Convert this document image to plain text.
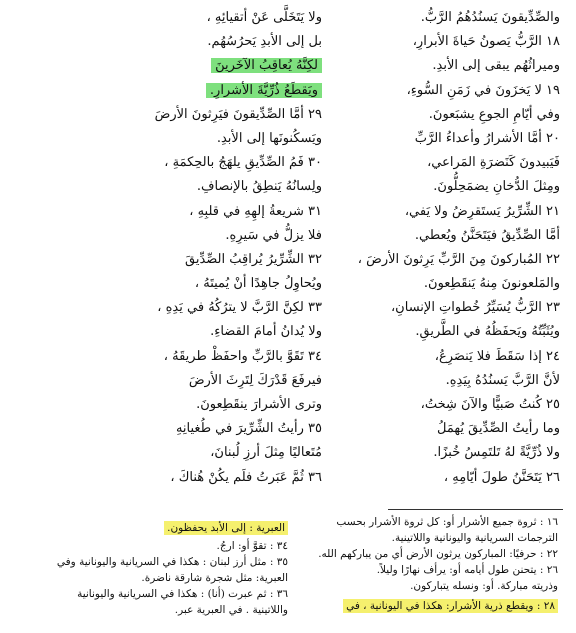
والصِّدِّيقونَ يَسنُدُهُمُ الرَّبُّ.
١٨ الرَّبُّ يَصونُ حَياةَ الأبرارِ،
وميراثُهُم يبقى إلى الأبدِ.
١٩ لا يَخزَونَ في زَمَنِ السُّوءِ،
وفي أيّامِ الجوعِ يشبَعونَ.
٢٠ أمَّا الأشرارُ وأعداءُ الرَّبِّ
فَيَبيدونَ كَنَضرَةِ المَراعي،
ومِثلَ الدُّخانِ يضمَحِلُّونَ.
٢١ الشِّرِّيرُ يَستَقرِضُ ولا يَفي،
أمَّا الصِّدِّيقُ فيَتَحَنَّنُ ويُعطي.
٢٢ المُباركونَ مِنَ الرَّبِّ يَرِثونَ الأرضَ ،
والمَلعونونَ مِنهُ يَنقَطِعونَ.
٢٣ الرَّبُّ يُسَيِّرُ خُطواتِ الإنسانِ،
ويُثَبِّتُهُ ويَحفَظُهُ في الطَّريقِ.
٢٤ إذا سَقَطَ فلا يَنصَرِعُ،
لأنَّ الرَّبَّ يَسنُدُهُ بِيَدِهِ.
٢٥ كُنتُ صَبيًّا والآنَ شِختُ،
وما رأيتُ الصِّدِّيقَ يُهمَلُ
ولا ذُرِّيَّةً لهُ تَلتَمِسُ خُبزًا.
٢٦ يَتَحَنَّنُ طولَ أيّامِهِ ،
ولا يَتَخَلَّى عَنْ أتقيائِهِ ،
بل إلى الأبدِ يَحرُسُهُم.
لكِنَّهُ يُعاقِبُ الآخَرينَ
ويَقطَعُ ذُرِّيَّةَ الأشرارِ.
٢٩ أمَّا الصِّدِّيقونَ فيَرِثونَ الأرضَ
ويَسكُنونَها إلى الأبدِ.
٣٠ فَمُ الصِّدِّيقِ يلهَجُ بالحِكمَةِ ،
ولِسانُهُ يَنطِقُ بالإنصافِ.
٣١ شريعةُ إلهِهِ في قلبِهِ ،
فلا يزلُّ في سَيرِهِ.
٣٢ الشِّرِّيرُ يُراقِبُ الصِّدِّيقَ
ويُحاوِلُ جاهِدًا أنْ يُميتَهُ ،
٣٣ لكِنَّ الرَّبَّ لا يترُكُهُ في يَدِهِ ،
ولا يُدانُ أمامَ القضاءِ.
٣٤ تَقَوَّ بالرَّبِّ واحفَظْ طريقَهُ ،
فيرفَعَ قَدْرَكَ لِتَرِثَ الأرضَ
وترى الأشرارَ ينقَطِعونَ.
٣٥ رأيتُ الشِّرِّيرَ في طُغيانِهِ
مُتَعاليًا مِثلَ أرزِ لُبنانَ،
٣٦ ثُمَّ عَبَرتُ فلَم يكُنْ هُناكَ ،
١٦ : ثروة جميع الأشرار أو: كل ثروة الأشرار بحسب
الترجمات السريانية واليونانية واللاتينية.
٢٢ : حرفيًا: المباركون يرثون الأرض أي من يباركهم الله.
٢٦ : يتحنن طول أيامه أو: يرأف نهارًا وليلاً.
وذريته مباركة. أو: ونسله يتباركون.
٢٨ : ويقطع ذرية الأشرار: هكذا في اليونانية ، في
العبرية : إلى الأبد يحفظون.
٣٤ : تقوَّ أو: ارجُ.
٣٥ : مثل أرز لبنان : هكذا في السريانية واليونانية وفي
العبرية: مثل شجرة شارقة ناضرة.
٣٦ : ثم عبرت (أنا) : هكذا في السريانية واليونانية
واللاتينية . في العبرية عبر.
